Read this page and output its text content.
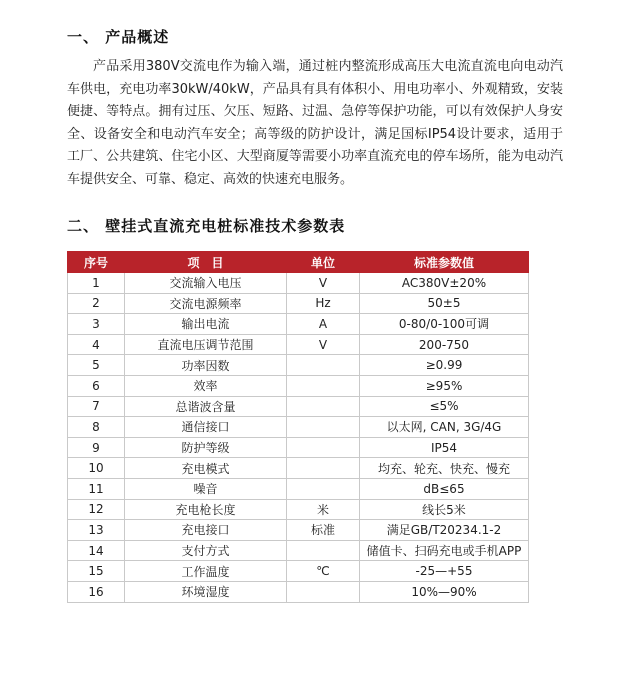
一、 产品概述

产品采用380V交流电作为输入端，通过桩内整流形成高压大电流直流电向电动汽车供电，充电功率30kW/40kW，产品具有具有体积小、用电功率小、外观精致，安装便捷、等特点。拥有过压、欠压、短路、过温、急停等保护功能，可以有效保护人身安全、设备安全和电动汽车安全；高等级的防护设计，满足国标IP54设计要求，适用于工厂、公共建筑、住宅小区、大型商厦等需要小功率直流充电的停车场所，能为电动汽车提供安全、可靠、稳定、高效的快速充电服务。

二、 壁挂式直流充电桩标准技术参数表
序号	项　目	单位	标准参数值
1	交流输入电压	V	AC380V±20%
2	交流电源频率	Hz	50±5
3	输出电流	A	0-80/0-100可调
4	直流电压调节范围	V	200-750
5	功率因数		≥0.99
6	效率		≥95%
7	总谐波含量		≤5%
8	通信接口		以太网, CAN, 3G/4G
9	防护等级		IP54
10	充电模式		均充、轮充、快充、慢充
11	噪音		dB≤65
12	充电枪长度	米	线长5米
13	充电接口	标准	满足GB/T20234.1-2
14	支付方式		储值卡、扫码充电或手机APP
15	工作温度	℃	-25—+55
16	环境湿度		10%—90%
